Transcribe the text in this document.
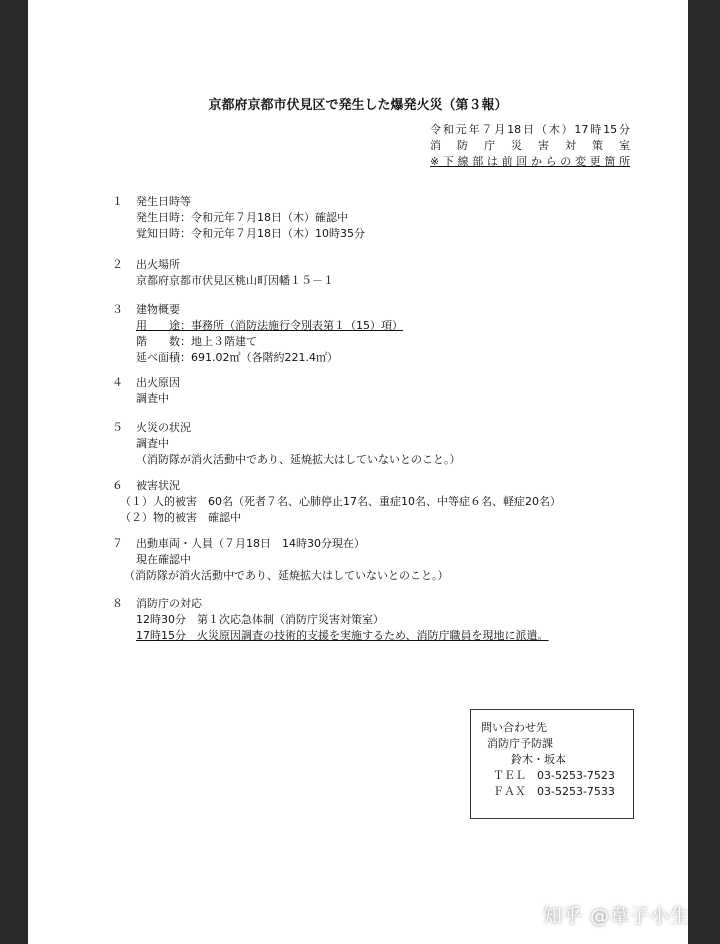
京都府京都市伏見区で発生した爆発火災（第３報）
令和元年７月18日（木）17時15分
消防庁災害対策室
※下線部は前回からの変更箇所
１ 発生日時等
発生日時：令和元年７月18日（木）確認中
覚知日時：令和元年７月18日（木）10時35分
２ 出火場所
京都府京都市伏見区桃山町因幡１５－１
３ 建物概要
用　　途：事務所（消防法施行令別表第１（15）項）
階　　数：地上３階建て
延べ面積：691.02㎡（各階約221.4㎡）
４ 出火原因
調査中
５ 火災の状況
調査中
（消防隊が消火活動中であり、延焼拡大はしていないとのこと。）
６ 被害状況
（１）人的被害　60名（死者７名、心肺停止17名、重症10名、中等症６名、軽症20名）
（２）物的被害　確認中
７ 出動車両・人員（７月18日　14時30分現在）
現在確認中
（消防隊が消火活動中であり、延焼拡大はしていないとのこと。）
８ 消防庁の対応
12時30分　第１次応急体制（消防庁災害対策室）
17時15分　火災原因調査の技術的支援を実施するため、消防庁職員を現地に派遣。
問い合わせ先
消防庁予防課
鈴木・坂本
ＴＥＬ　03-5253-7523
ＦＡＸ　03-5253-7533
知乎 @韋子小生
